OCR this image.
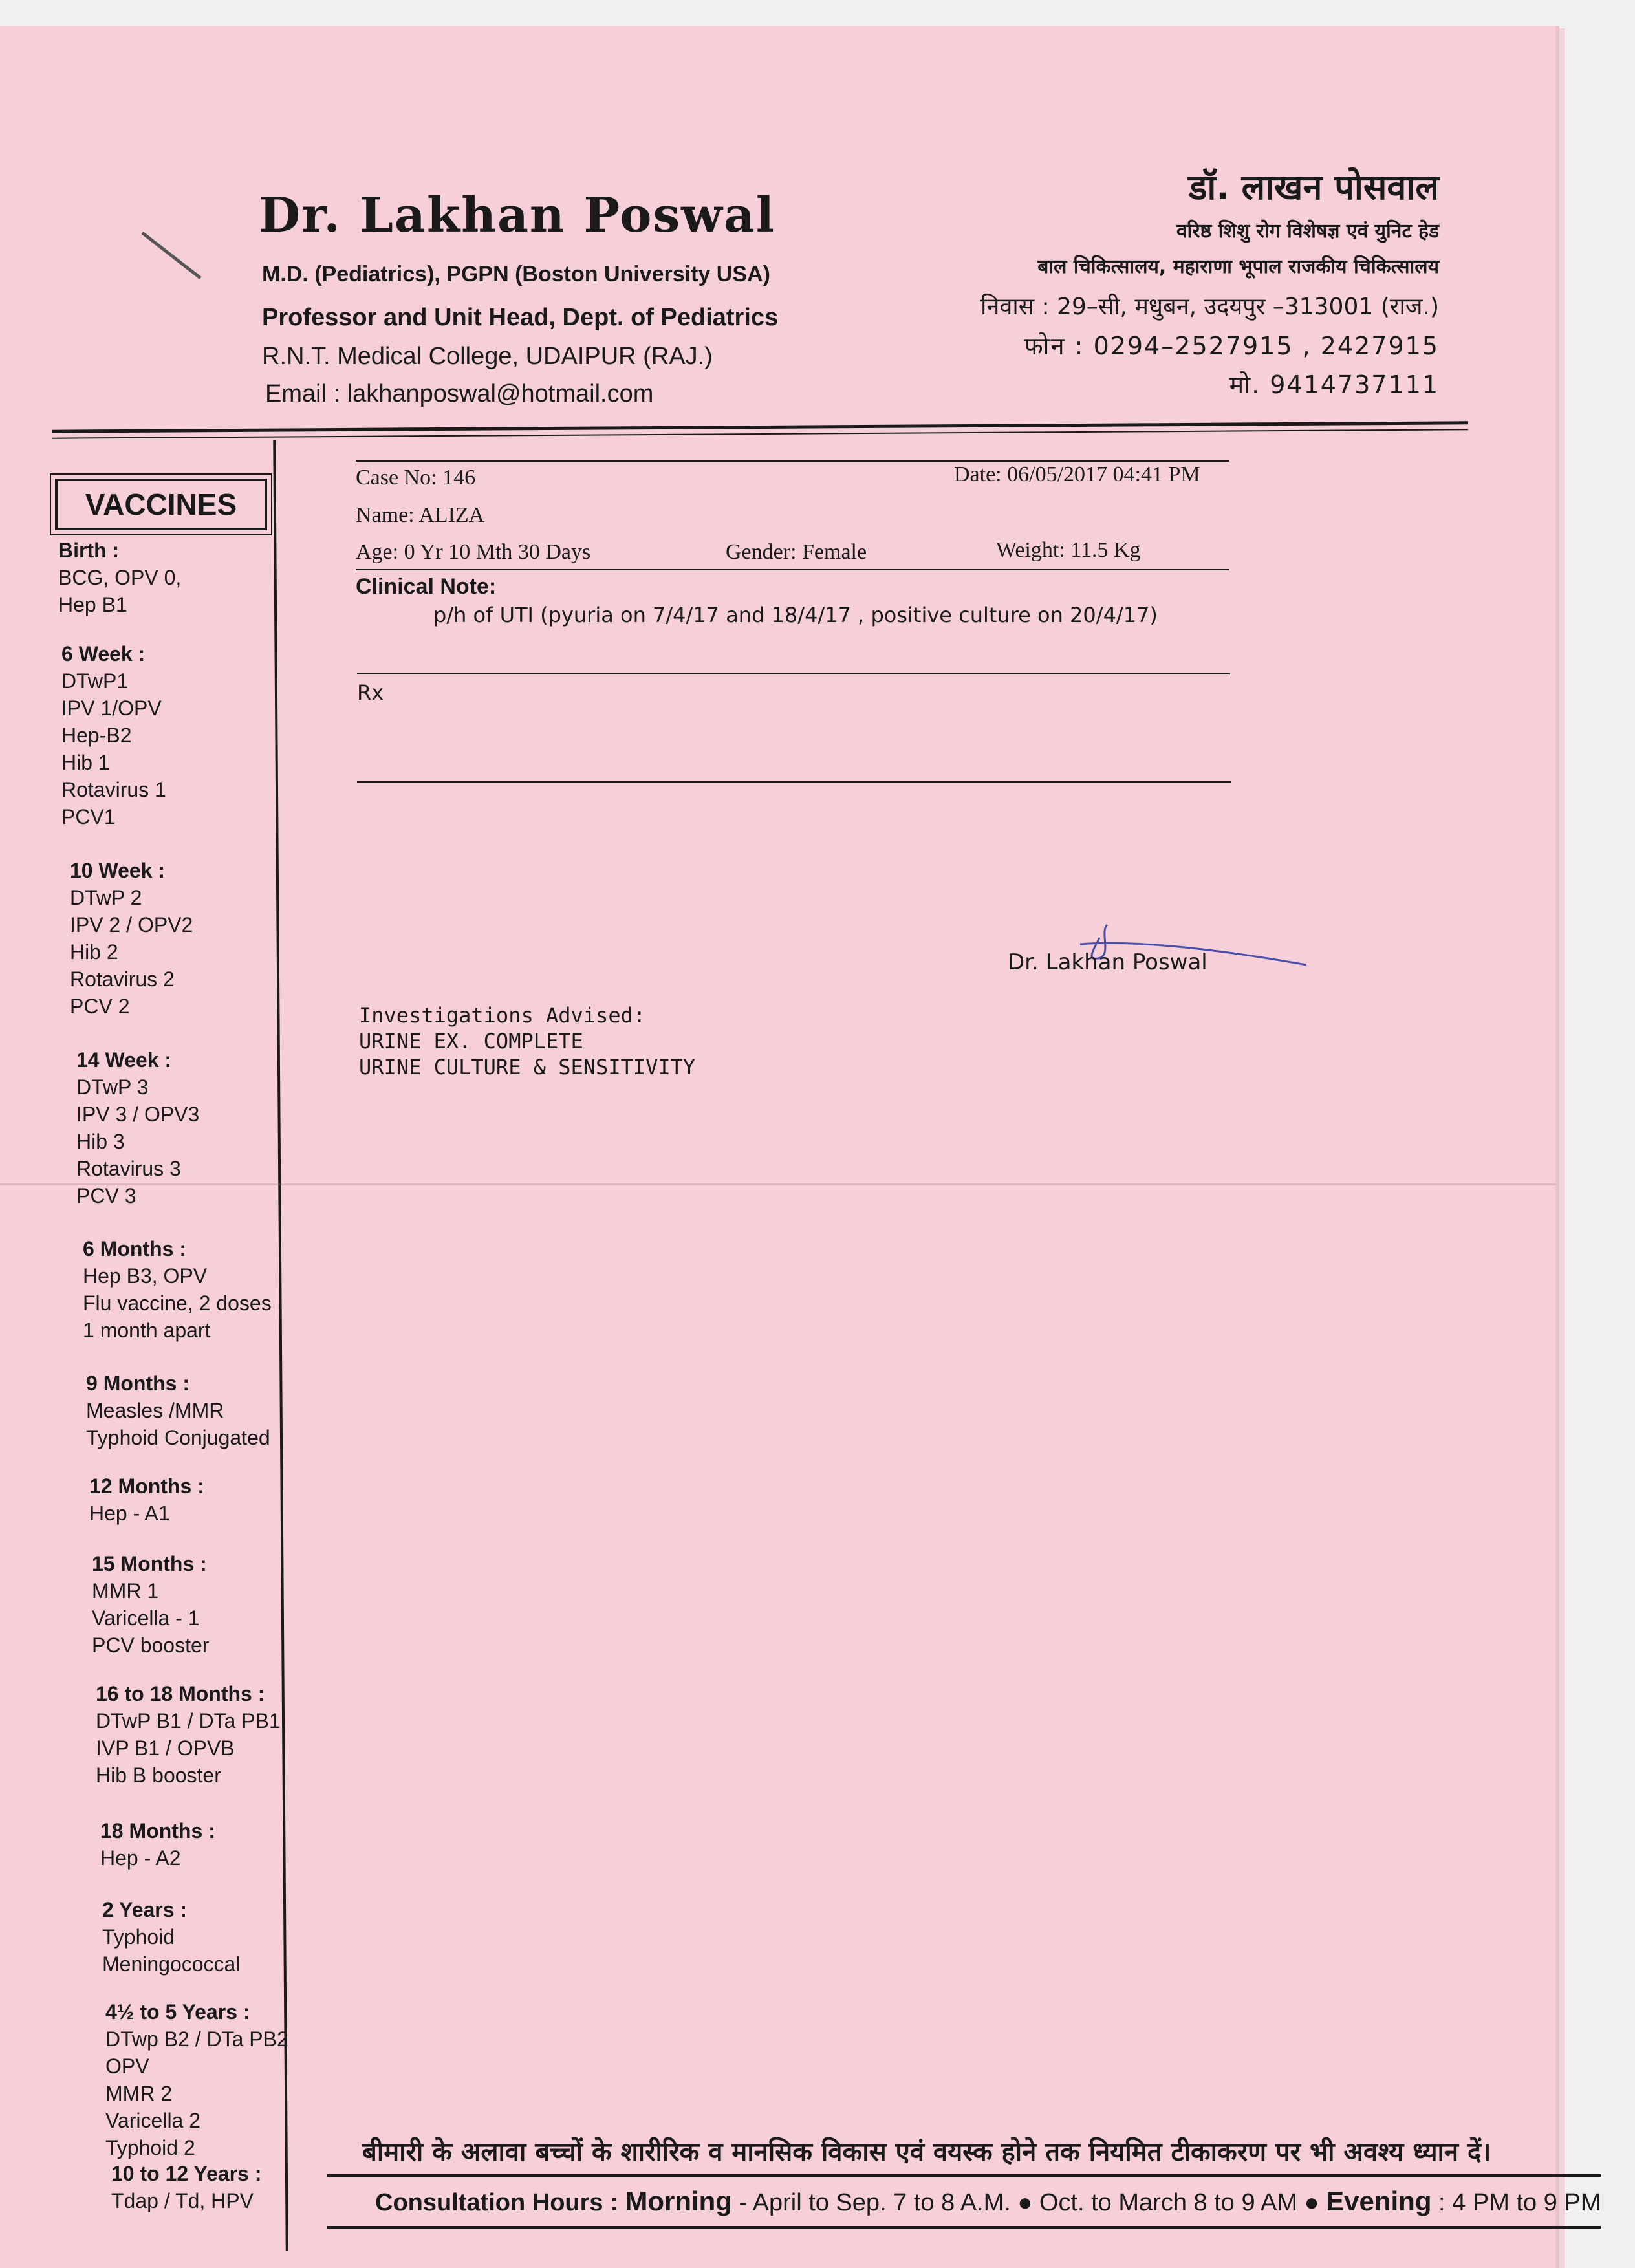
Dr. Lakhan Poswal
M.D. (Pediatrics), PGPN (Boston University USA)
Professor and Unit Head, Dept. of Pediatrics
R.N.T. Medical College, UDAIPUR (RAJ.)
Email : lakhanposwal@hotmail.com
डॉ. लाखन पोसवाल
वरिष्ठ शिशु रोग विशेषज्ञ एवं युनिट हेड
बाल चिकित्सालय, महाराणा भूपाल राजकीय चिकित्सालय
निवास : 29–सी, मधुबन, उदयपुर –313001 (राज.)
फोन : 0294–2527915 , 2427915
मो. 9414737111
VACCINES
Birth :
BCG, OPV 0,
Hep B1
6 Week :
DTwP1
IPV 1/OPV
Hep-B2
Hib 1
Rotavirus 1
PCV1
10 Week :
DTwP 2
IPV 2 / OPV2
Hib 2
Rotavirus 2
PCV 2
14 Week :
DTwP 3
IPV 3 / OPV3
Hib 3
Rotavirus 3
PCV 3
6 Months :
Hep B3, OPV
Flu vaccine, 2 doses
1 month apart
9 Months :
Measles /MMR
Typhoid Conjugated
12 Months :
Hep - A1
15 Months :
MMR 1
Varicella - 1
PCV booster
16 to 18 Months :
DTwP B1 / DTa PB1
IVP B1 / OPVB
Hib B booster
18 Months :
Hep - A2
2 Years :
Typhoid
Meningococcal
4½ to 5 Years :
DTwp B2 / DTa PB2
OPV
MMR 2
Varicella 2
Typhoid 2
10 to 12 Years :
Tdap / Td, HPV
Case No: 146	Date: 06/05/2017 04:41 PM
Name: ALIZA
Age: 0 Yr 10 Mth 30 Days	Gender: Female	Weight: 11.5 Kg
Clinical Note:
p/h of UTI (pyuria on 7/4/17 and 18/4/17 , positive culture on 20/4/17)
Rx
Dr. Lakhan Poswal
Investigations Advised:
URINE EX. COMPLETE
URINE CULTURE & SENSITIVITY
बीमारी के अलावा बच्चों के शारीरिक व मानसिक विकास एवं वयस्क होने तक नियमित टीकाकरण पर भी अवश्य ध्यान दें।
Consultation Hours : Morning - April to Sep. 7 to 8 A.M. ● Oct. to March 8 to 9 AM ● Evening : 4 PM to 9 PM
